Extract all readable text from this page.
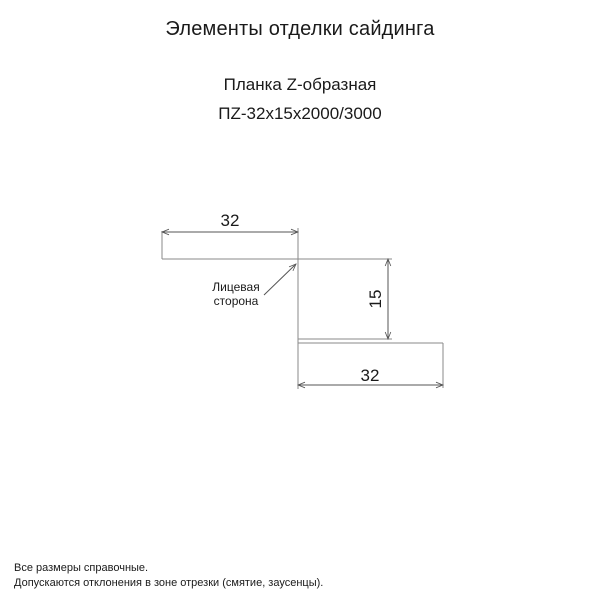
Элементы отделки сайдинга
Планка Z-образная
ПZ-32х15х2000/3000
32
15
32
Лицевая
сторона
Все размеры справочные.
Допускаются отклонения в зоне отрезки (смятие, заусенцы).
